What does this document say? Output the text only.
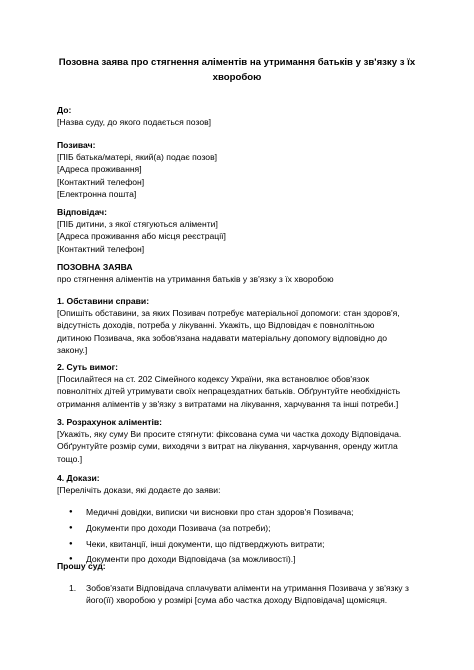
Позовна заява про стягнення аліментів на утримання батьків у зв'язку з їх хворобою

До:

[Назва суду, до якого подається позов]

Позивач:

[ПІБ батька/матері, який(а) подає позов]

[Адреса проживання]

[Контактний телефон]

[Електронна пошта]

Відповідач:

[ПІБ дитини, з якої стягуються аліменти]

[Адреса проживання або місця реєстрації]

[Контактний телефон]

ПОЗОВНА ЗАЯВА

про стягнення аліментів на утримання батьків у зв'язку з їх хворобою

1. Обставини справи:

[Опишіть обставини, за яких Позивач потребує матеріальної допомоги: стан здоров'я,

відсутність доходів, потреба у лікуванні. Укажіть, що Відповідач є повнолітньою

дитиною Позивача, яка зобов'язана надавати матеріальну допомогу відповідно до

закону.]

2. Суть вимог:

[Посилайтеся на ст. 202 Сімейного кодексу України, яка встановлює обов'язок

повнолітніх дітей утримувати своїх непрацездатних батьків. Обґрунтуйте необхідність

отримання аліментів у зв'язку з витратами на лікування, харчування та інші потреби.]

3. Розрахунок аліментів:

[Укажіть, яку суму Ви просите стягнути: фіксована сума чи частка доходу Відповідача.

Обґрунтуйте розмір суми, виходячи з витрат на лікування, харчування, оренду житла

тощо.]

4. Докази:

[Перелічіть докази, які додаєте до заяви:

● Медичні довідки, виписки чи висновки про стан здоров'я Позивача;
● Документи про доходи Позивача (за потреби);
● Чеки, квитанції, інші документи, що підтверджують витрати;
● Документи про доходи Відповідача (за можливості).]

Прошу суд:

1. Зобов'язати Відповідача сплачувати аліменти на утримання Позивача у зв'язку з

його(її) хворобою у розмірі [сума або частка доходу Відповідача] щомісяця.
